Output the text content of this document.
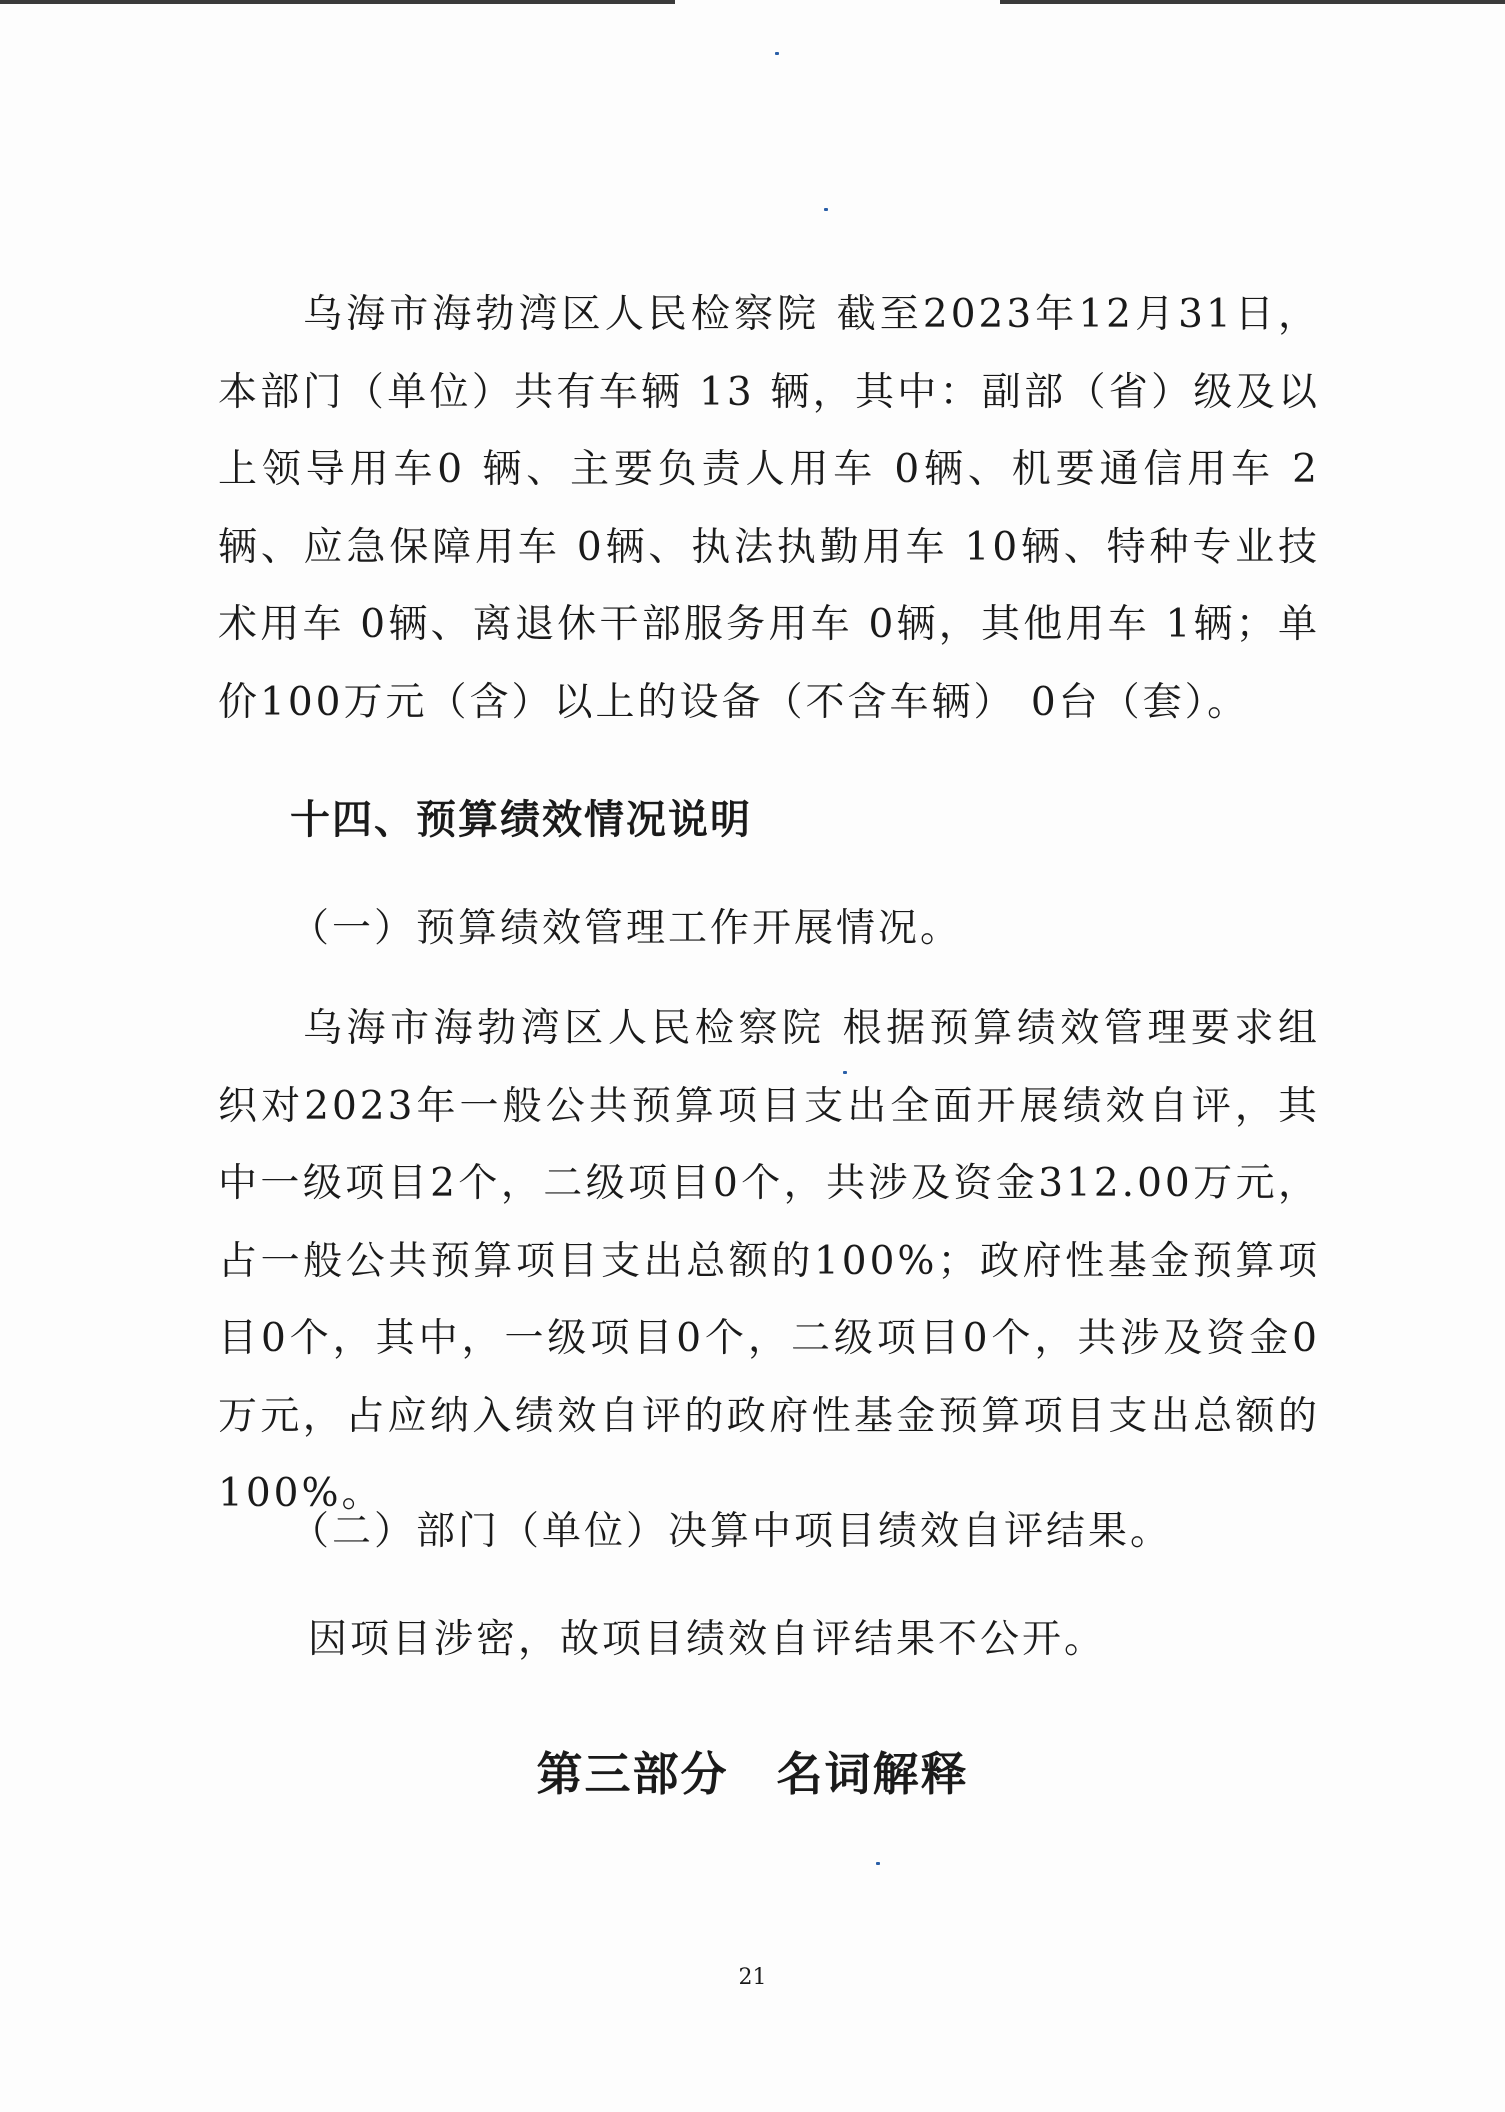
乌海市海勃湾区人民检察院 截至2023年12月31日，本部门（单位）共有车辆 13 辆，其中：副部（省）级及以上领导用车0 辆、主要负责人用车 0辆、机要通信用车 2辆、应急保障用车 0辆、执法执勤用车 10辆、特种专业技术用车 0辆、离退休干部服务用车 0辆，其他用车 1辆；单价100万元（含）以上的设备（不含车辆） 0台（套）。

十四、预算绩效情况说明

（一）预算绩效管理工作开展情况。

乌海市海勃湾区人民检察院 根据预算绩效管理要求组织对2023年一般公共预算项目支出全面开展绩效自评，其中一级项目2个，二级项目0个，共涉及资金312.00万元，占一般公共预算项目支出总额的100%；政府性基金预算项目0个，其中，一级项目0个，二级项目0个，共涉及资金0万元，占应纳入绩效自评的政府性基金预算项目支出总额的100%。

（二）部门（单位）决算中项目绩效自评结果。

因项目涉密，故项目绩效自评结果不公开。

第三部分　名词解释

21
